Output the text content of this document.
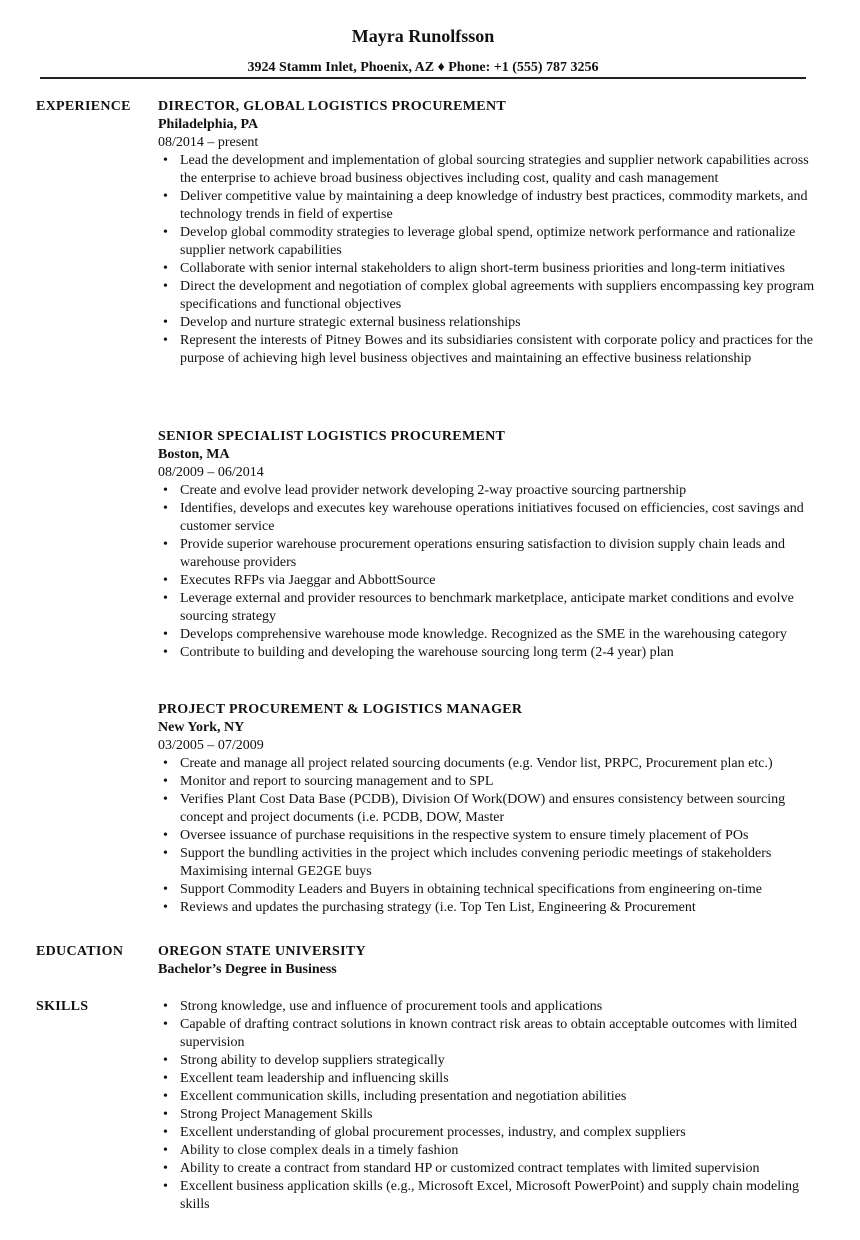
Mayra Runolfsson
3924 Stamm Inlet, Phoenix, AZ ♦ Phone: +1 (555) 787 3256
EXPERIENCE DIRECTOR, GLOBAL LOGISTICS PROCUREMENT
Philadelphia, PA
08/2014 – present
• Lead the development and implementation of global sourcing strategies and supplier network capabilities across the enterprise to achieve broad business objectives including cost, quality and cash management
• Deliver competitive value by maintaining a deep knowledge of industry best practices, commodity markets, and technology trends in field of expertise
• Develop global commodity strategies to leverage global spend, optimize network performance and rationalize supplier network capabilities
• Collaborate with senior internal stakeholders to align short-term business priorities and long-term initiatives
• Direct the development and negotiation of complex global agreements with suppliers encompassing key program specifications and functional objectives
• Develop and nurture strategic external business relationships
• Represent the interests of Pitney Bowes and its subsidiaries consistent with corporate policy and practices for the purpose of achieving high level business objectives and maintaining an effective business relationship
SENIOR SPECIALIST LOGISTICS PROCUREMENT
Boston, MA
08/2009 – 06/2014
• Create and evolve lead provider network developing 2-way proactive sourcing partnership
• Identifies, develops and executes key warehouse operations initiatives focused on efficiencies, cost savings and customer service
• Provide superior warehouse procurement operations ensuring satisfaction to division supply chain leads and warehouse providers
• Executes RFPs via Jaeggar and AbbottSource
• Leverage external and provider resources to benchmark marketplace, anticipate market conditions and evolve sourcing strategy
• Develops comprehensive warehouse mode knowledge. Recognized as the SME in the warehousing category
• Contribute to building and developing the warehouse sourcing long term (2-4 year) plan
PROJECT PROCUREMENT & LOGISTICS MANAGER
New York, NY
03/2005 – 07/2009
• Create and manage all project related sourcing documents (e.g. Vendor list, PRPC, Procurement plan etc.)
• Monitor and report to sourcing management and to SPL
• Verifies Plant Cost Data Base (PCDB), Division Of Work(DOW) and ensures consistency between sourcing concept and project documents (i.e. PCDB, DOW, Master
• Oversee issuance of purchase requisitions in the respective system to ensure timely placement of POs
• Support the bundling activities in the project which includes convening periodic meetings of stakeholders Maximising internal GE2GE buys
• Support Commodity Leaders and Buyers in obtaining technical specifications from engineering on-time
• Reviews and updates the purchasing strategy (i.e. Top Ten List, Engineering & Procurement
EDUCATION OREGON STATE UNIVERSITY
Bachelor’s Degree in Business
SKILLS	• Strong knowledge, use and influence of procurement tools and applications
• Capable of drafting contract solutions in known contract risk areas to obtain acceptable outcomes with limited supervision
• Strong ability to develop suppliers strategically
• Excellent team leadership and influencing skills
• Excellent communication skills, including presentation and negotiation abilities
• Strong Project Management Skills
• Excellent understanding of global procurement processes, industry, and complex suppliers
• Ability to close complex deals in a timely fashion
• Ability to create a contract from standard HP or customized contract templates with limited supervision
• Excellent business application skills (e.g., Microsoft Excel, Microsoft PowerPoint) and supply chain modeling skills
